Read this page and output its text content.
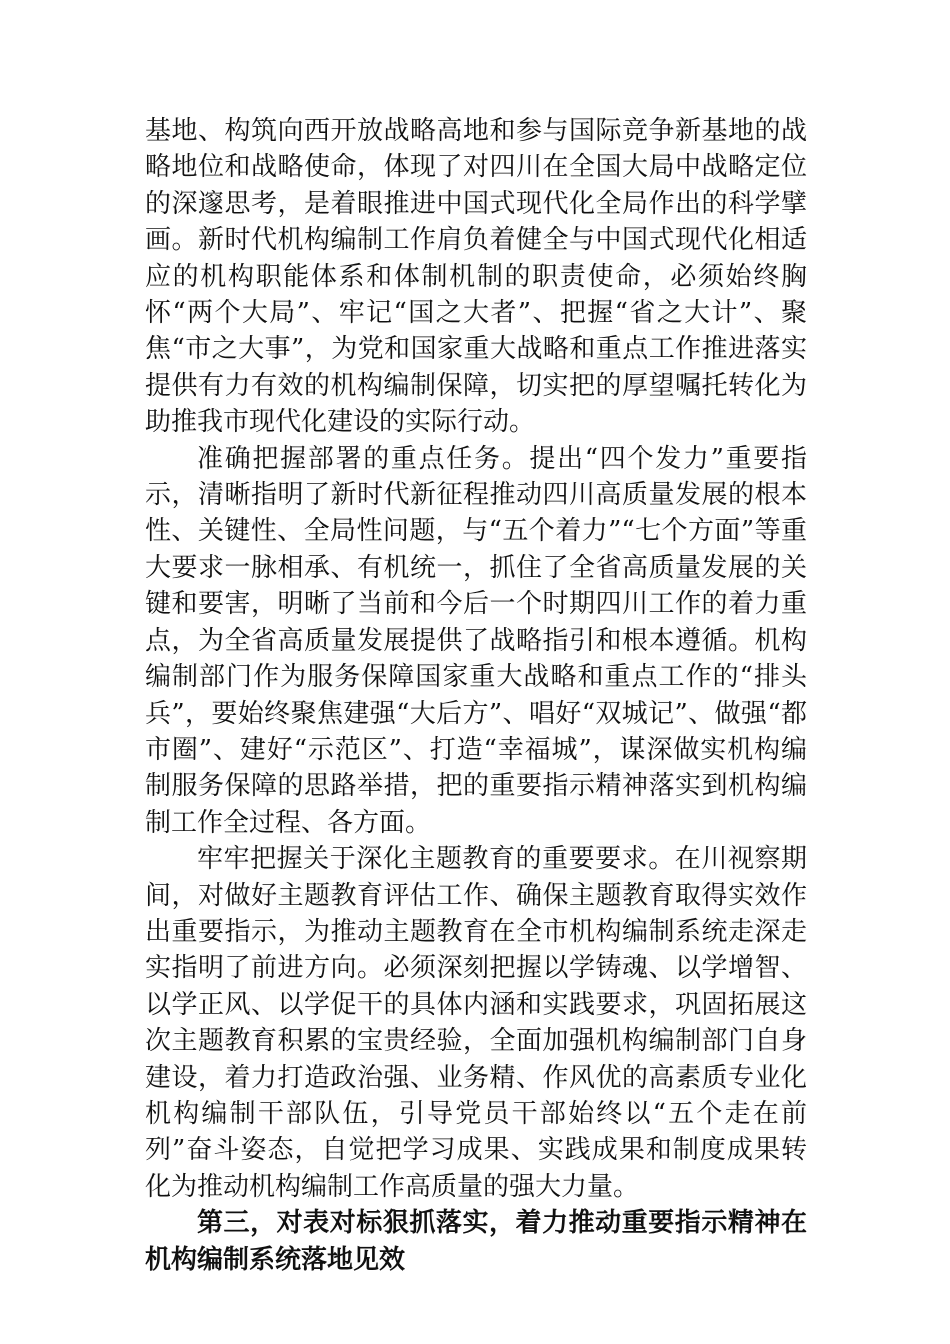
基地、构筑向西开放战略高地和参与国际竞争新基地的战略地位和战略使命，体现了对四川在全国大局中战略定位的深邃思考，是着眼推进中国式现代化全局作出的科学擘画。新时代机构编制工作肩负着健全与中国式现代化相适应的机构职能体系和体制机制的职责使命，必须始终胸怀“两个大局”、牢记“国之大者”、把握“省之大计”、聚焦“市之大事”，为党和国家重大战略和重点工作推进落实提供有力有效的机构编制保障，切实把的厚望嘱托转化为助推我市现代化建设的实际行动。

准确把握部署的重点任务。提出“四个发力”重要指示，清晰指明了新时代新征程推动四川高质量发展的根本性、关键性、全局性问题，与“五个着力”“七个方面”等重大要求一脉相承、有机统一，抓住了全省高质量发展的关键和要害，明晰了当前和今后一个时期四川工作的着力重点，为全省高质量发展提供了战略指引和根本遵循。机构编制部门作为服务保障国家重大战略和重点工作的“排头兵”，要始终聚焦建强“大后方”、唱好“双城记”、做强“都市圈”、建好“示范区”、打造“幸福城”，谋深做实机构编制服务保障的思路举措，把的重要指示精神落实到机构编制工作全过程、各方面。

牢牢把握关于深化主题教育的重要要求。在川视察期间，对做好主题教育评估工作、确保主题教育取得实效作出重要指示，为推动主题教育在全市机构编制系统走深走实指明了前进方向。必须深刻把握以学铸魂、以学增智、以学正风、以学促干的具体内涵和实践要求，巩固拓展这次主题教育积累的宝贵经验，全面加强机构编制部门自身建设，着力打造政治强、业务精、作风优的高素质专业化机构编制干部队伍，引导党员干部始终以“五个走在前列”奋斗姿态，自觉把学习成果、实践成果和制度成果转化为推动机构编制工作高质量的强大力量。

第三，对表对标狠抓落实，着力推动重要指示精神在机构编制系统落地见效
